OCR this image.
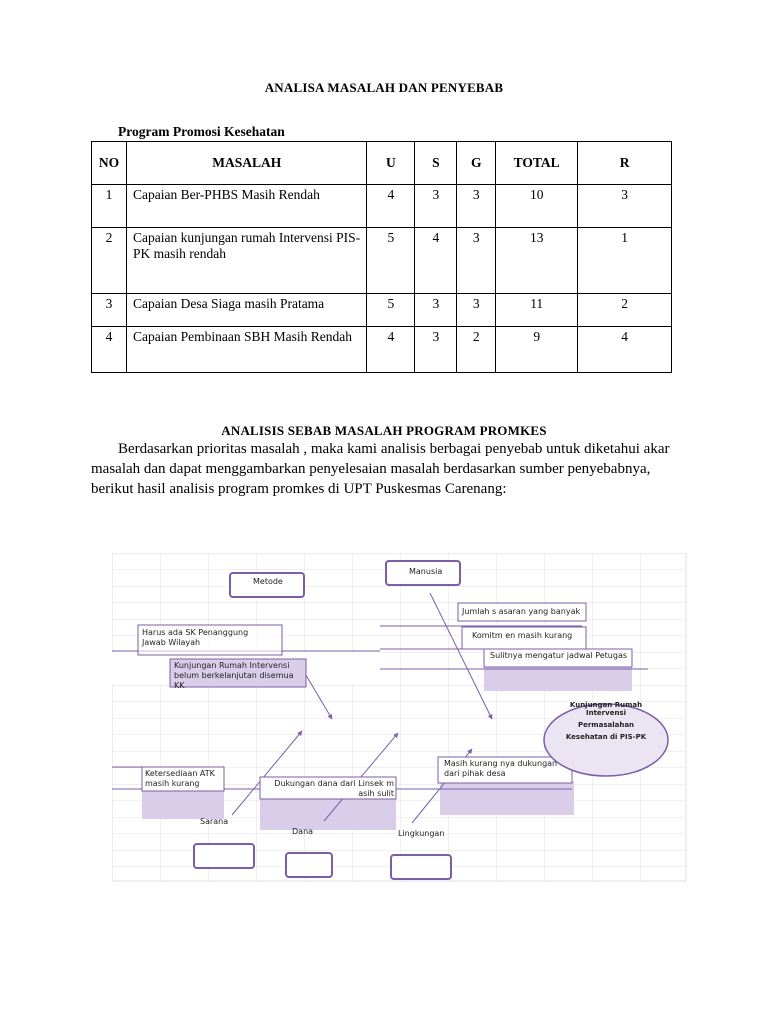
ANALISA MASALAH DAN PENYEBAB
Program Promosi Kesehatan
NO	MASALAH	U	S	G	TOTAL	R
1	Capaian Ber-PHBS Masih Rendah	4	3	3	10	3
2	Capaian kunjungan rumah Intervensi PIS-PK masih rendah	5	4	3	13	1
3	Capaian Desa Siaga masih Pratama	5	3	3	11	2
4	Capaian Pembinaan SBH Masih Rendah	4	3	2	9	4
ANALISIS SEBAB MASALAH PROGRAM PROMKES
Berdasarkan prioritas masalah , maka kami analisis berbagai penyebab untuk diketahui akar masalah dan dapat menggambarkan penyelesaian masalah berdasarkan sumber penyebabnya, berikut hasil analisis program promkes di UPT Puskesmas Carenang:
Metode
Manusia
Sarana
Dana	Lingkungan
Harus ada SK Penanggung Jawab Wilayah
Kunjungan Rumah Intervensi belum berkelanjutan disemua KK
Jumlah s asaran yang banyak
Komitm en masih kurang
Sulitnya mengatur jadwal Petugas
Ketersediaan ATK masih kurang	Dukungan dana dari Linsek m asih sulit
Masih kurang nya dukungan dari pihak desa
Kunjungan Rumah Intervensi
Permasalahan Kesehatan di PIS-PK
